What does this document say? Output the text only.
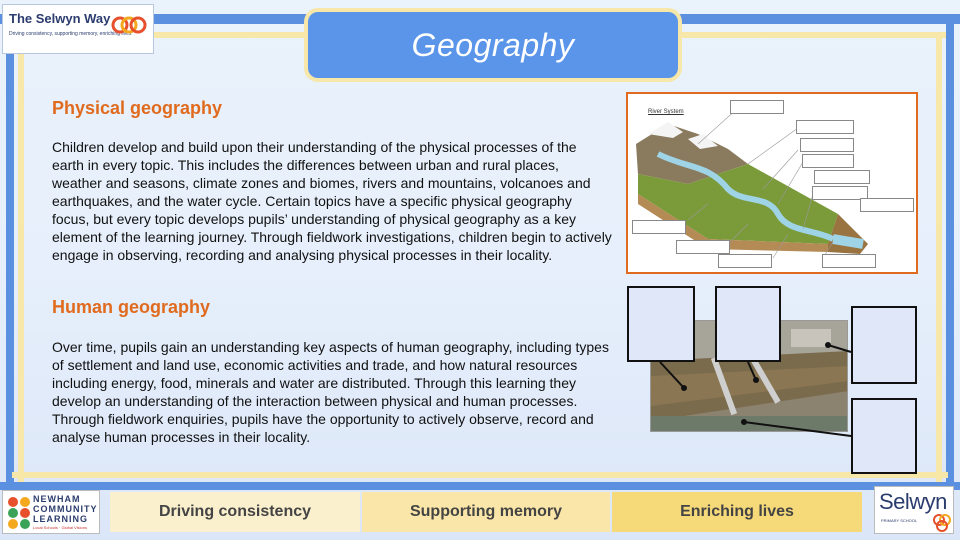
The Selwyn Way
Driving consistency, supporting memory, enriching lives	Geography
Physical geography
Children develop and build upon their understanding of the physical processes of the earth in every topic. This includes the differences between urban and rural places, weather and seasons, climate zones and biomes, rivers and mountains, volcanoes and earthquakes, and the water cycle. Certain topics have a specific physical geography focus, but every topic develops pupils’ understanding of physical geography as a key element of the learning journey. Through fieldwork investigations, children begin to actively engage in observing, recording and analysing physical processes in their locality.
Human geography
Over time, pupils gain an understanding key aspects of human geography, including types of settlement and land use, economic activities and trade, and how natural resources including energy, food, minerals and water are distributed. Through this learning they develop an understanding of the interaction between physical and human processes. Through fieldwork enquiries, pupils have the opportunity to actively observe, record and analyse human processes in their locality.
River System
NEWHAM COMMUNITY LEARNING
Local Schools · Global Visions
Driving consistency	Supporting memory	Enriching lives	Selwyn
PRIMARY SCHOOL
